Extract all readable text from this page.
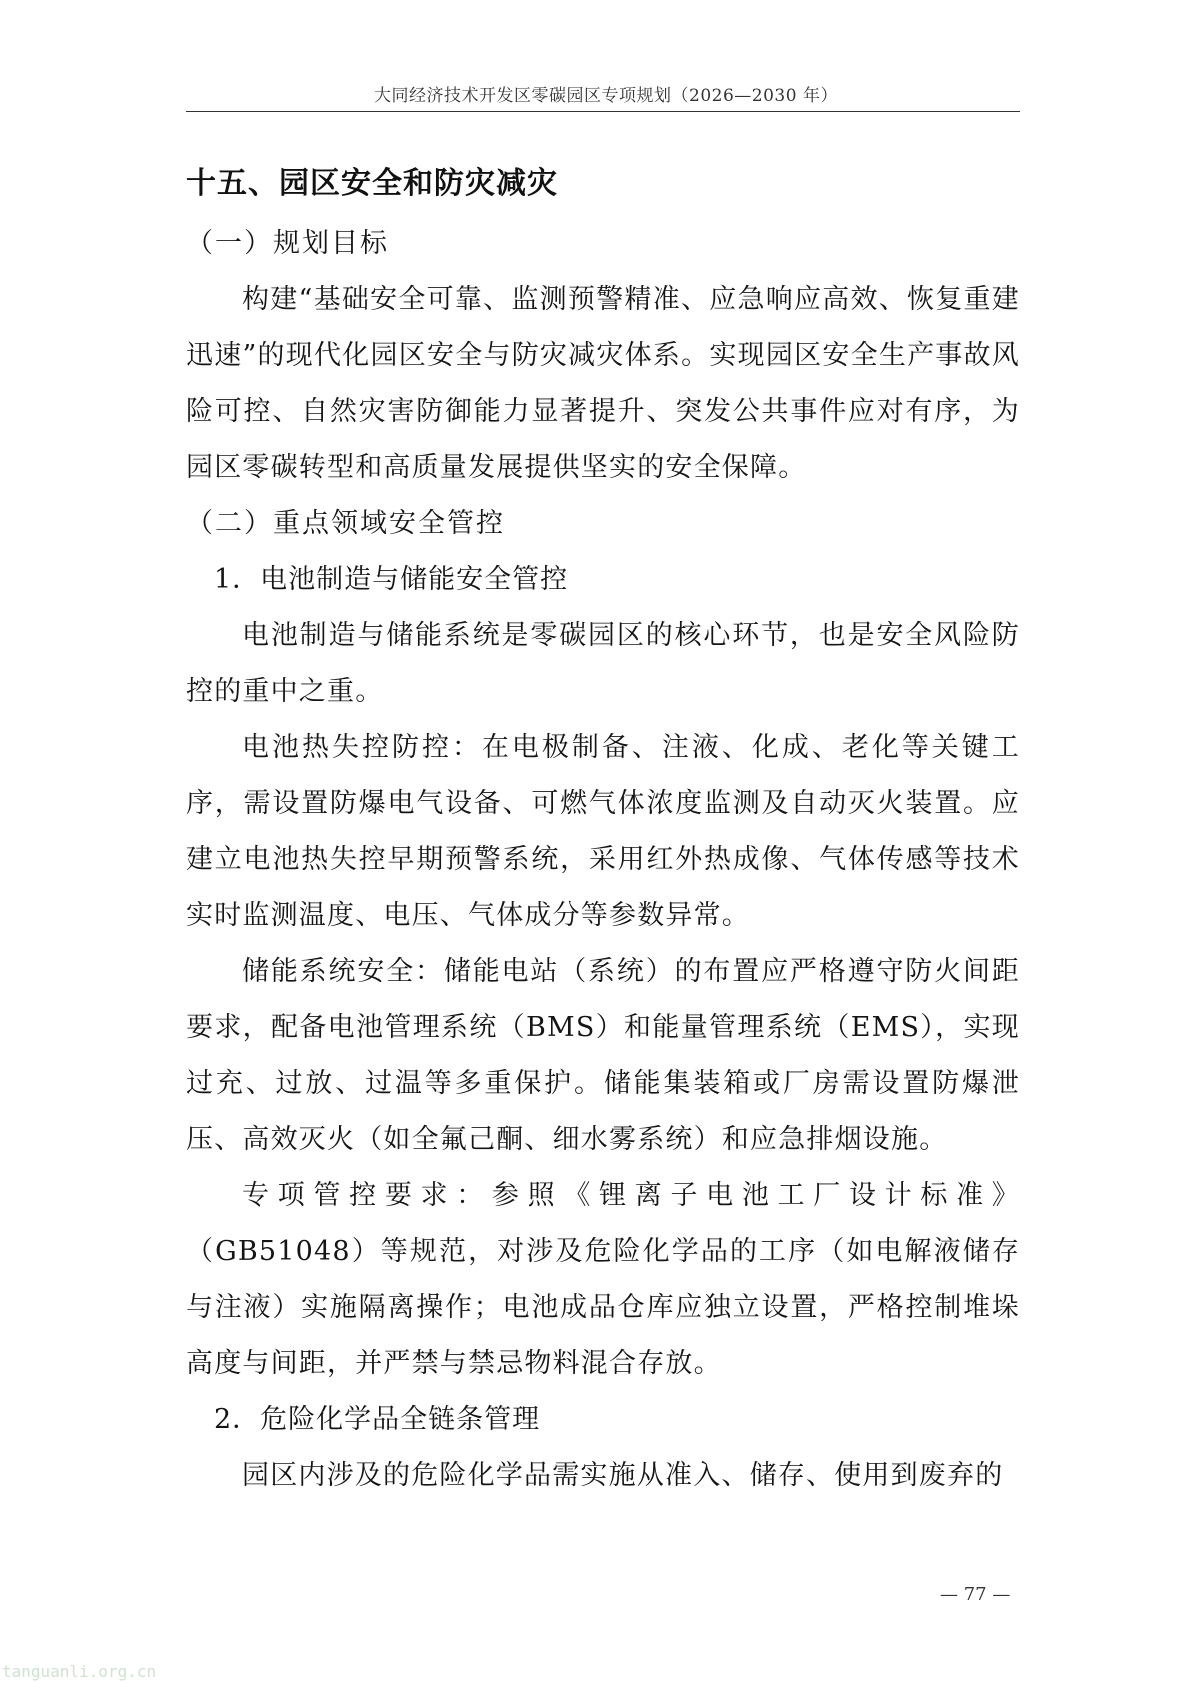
大同经济技术开发区零碳园区专项规划（2026—2030 年）
十五、园区安全和防灾减灾

（一）规划目标

构建“基础安全可靠、监测预警精准、应急响应高效、恢复重建迅速”的现代化园区安全与防灾减灾体系。实现园区安全生产事故风险可控、自然灾害防御能力显著提升、突发公共事件应对有序，为园区零碳转型和高质量发展提供坚实的安全保障。

（二）重点领域安全管控

1．电池制造与储能安全管控

电池制造与储能系统是零碳园区的核心环节，也是安全风险防控的重中之重。

电池热失控防控：在电极制备、注液、化成、老化等关键工序，需设置防爆电气设备、可燃气体浓度监测及自动灭火装置。应建立电池热失控早期预警系统，采用红外热成像、气体传感等技术实时监测温度、电压、气体成分等参数异常。

储能系统安全：储能电站（系统）的布置应严格遵守防火间距要求，配备电池管理系统（BMS）和能量管理系统（EMS），实现过充、过放、过温等多重保护。储能集装箱或厂房需设置防爆泄压、高效灭火（如全氟己酮、细水雾系统）和应急排烟设施。

专项管控要求：参照《锂离子电池工厂设计标准》（GB51048）等规范，对涉及危险化学品的工序（如电解液储存与注液）实施隔离操作；电池成品仓库应独立设置，严格控制堆垛高度与间距，并严禁与禁忌物料混合存放。

2．危险化学品全链条管理

园区内涉及的危险化学品需实施从准入、储存、使用到废弃的

— 77 —
tanguanli.org.cn
